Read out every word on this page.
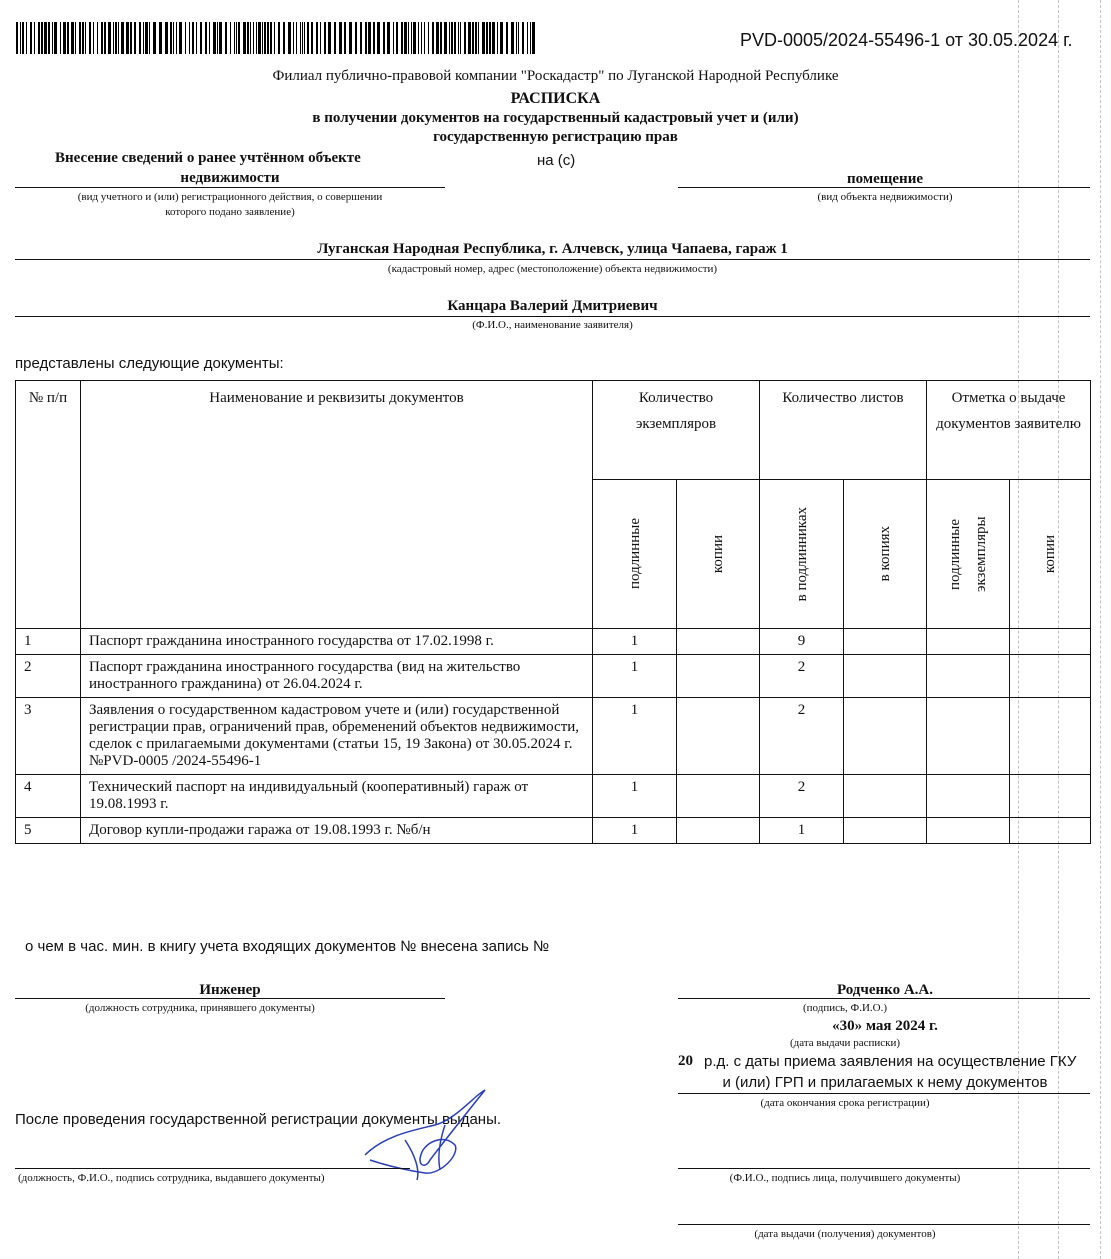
PVD-0005/2024-55496-1 от 30.05.2024 г.
Филиал публично-правовой компании "Роскадастр" по Луганской Народной Республике
РАСПИСКА
в получении документов на государственный кадастровый учет и (или)
государственную регистрацию прав
Внесение сведений о ранее учтённом объекте
недвижимости
(вид учетного и (или) регистрационного действия, о совершении
которого подано заявление)
на (с)
помещение
(вид объекта недвижимости)
Луганская Народная Республика, г. Алчевск, улица Чапаева, гараж 1
(кадастровый номер, адрес (местоположение) объекта недвижимости)
Канцара Валерий Дмитриевич
(Ф.И.О., наименование заявителя)
представлены следующие документы:
№ п/п	Наименование и реквизиты документов	Количество экземпляров		Количество листов		Отметка о выдаче документов заявителю	

		подлинные	копии	в подлинниках	в копиях	подлинные экземпляры	копии

1	Паспорт гражданина иностранного государства от 17.02.1998 г.	1		9			
2	Паспорт гражданина иностранного государства (вид на жительство иностранного гражданина) от 26.04.2024 г.	1		2			
3	Заявления о государственном кадастровом учете и (или) государственной регистрации прав, ограничений прав, обременений объектов недвижимости, сделок с прилагаемыми документами (статьи 15, 19 Закона) от 30.05.2024 г. №PVD-0005 /2024-55496-1	1		2			
4	Технический паспорт на индивидуальный (кооперативный) гараж от 19.08.1993 г.	1		2			
5	Договор купли-продажи гаража от 19.08.1993 г. №б/н	1		1			
о чем в час. мин. в книгу учета входящих документов № внесена запись №
Инженер
(должность сотрудника, принявшего документы)
Родченко А.А.
(подпись, Ф.И.О.)
«30» мая 2024 г.
(дата выдачи расписки)
20 р.д. с даты приема заявления на осуществление ГКУ
и (или) ГРП и прилагаемых к нему документов
(дата окончания срока регистрации)
После проведения государственной регистрации документы выданы.
(должность, Ф.И.О., подпись сотрудника, выдавшего документы)	(Ф.И.О., подпись лица, получившего документы)
(дата выдачи (получения) документов)
